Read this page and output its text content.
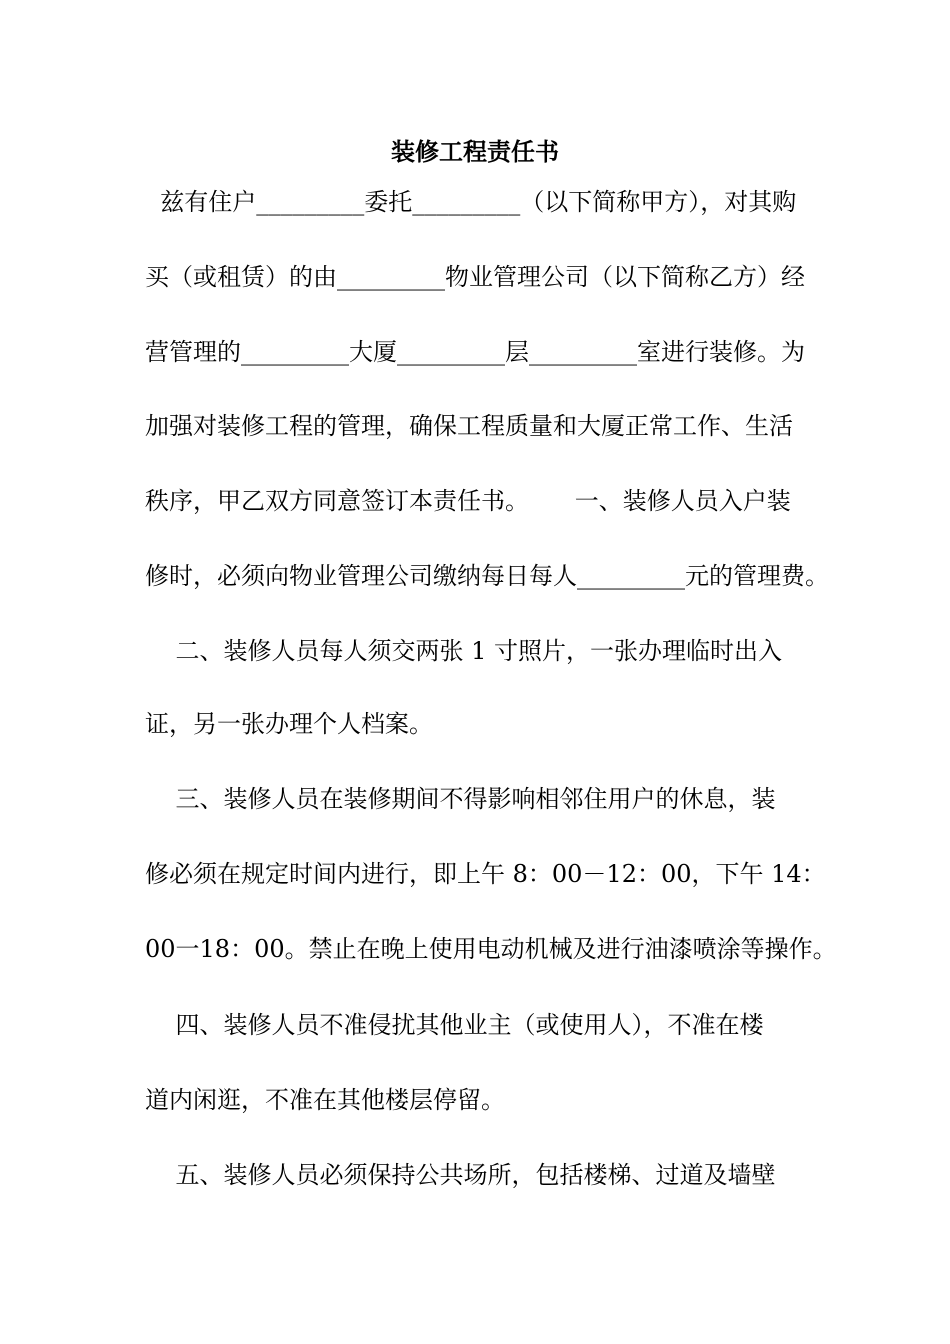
装修工程责任书
兹有住户_________委托_________（以下简称甲方），对其购
买（或租赁）的由_________物业管理公司（以下简称乙方）经
营管理的_________大厦_________层_________室进行装修。为
加强对装修工程的管理，确保工程质量和大厦正常工作、生活
秩序，甲乙双方同意签订本责任书。      一、装修人员入户装
修时，必须向物业管理公司缴纳每日每人_________元的管理费。
二、装修人员每人须交两张 1 寸照片，一张办理临时出入
证，另一张办理个人档案。
三、装修人员在装修期间不得影响相邻住用户的休息，装
修必须在规定时间内进行，即上午 8：00－12：00，下午 14：
00一18：00。禁止在晚上使用电动机械及进行油漆喷涂等操作。
四、装修人员不准侵扰其他业主（或使用人），不准在楼
道内闲逛，不准在其他楼层停留。
五、装修人员必须保持公共场所，包括楼梯、过道及墙壁
